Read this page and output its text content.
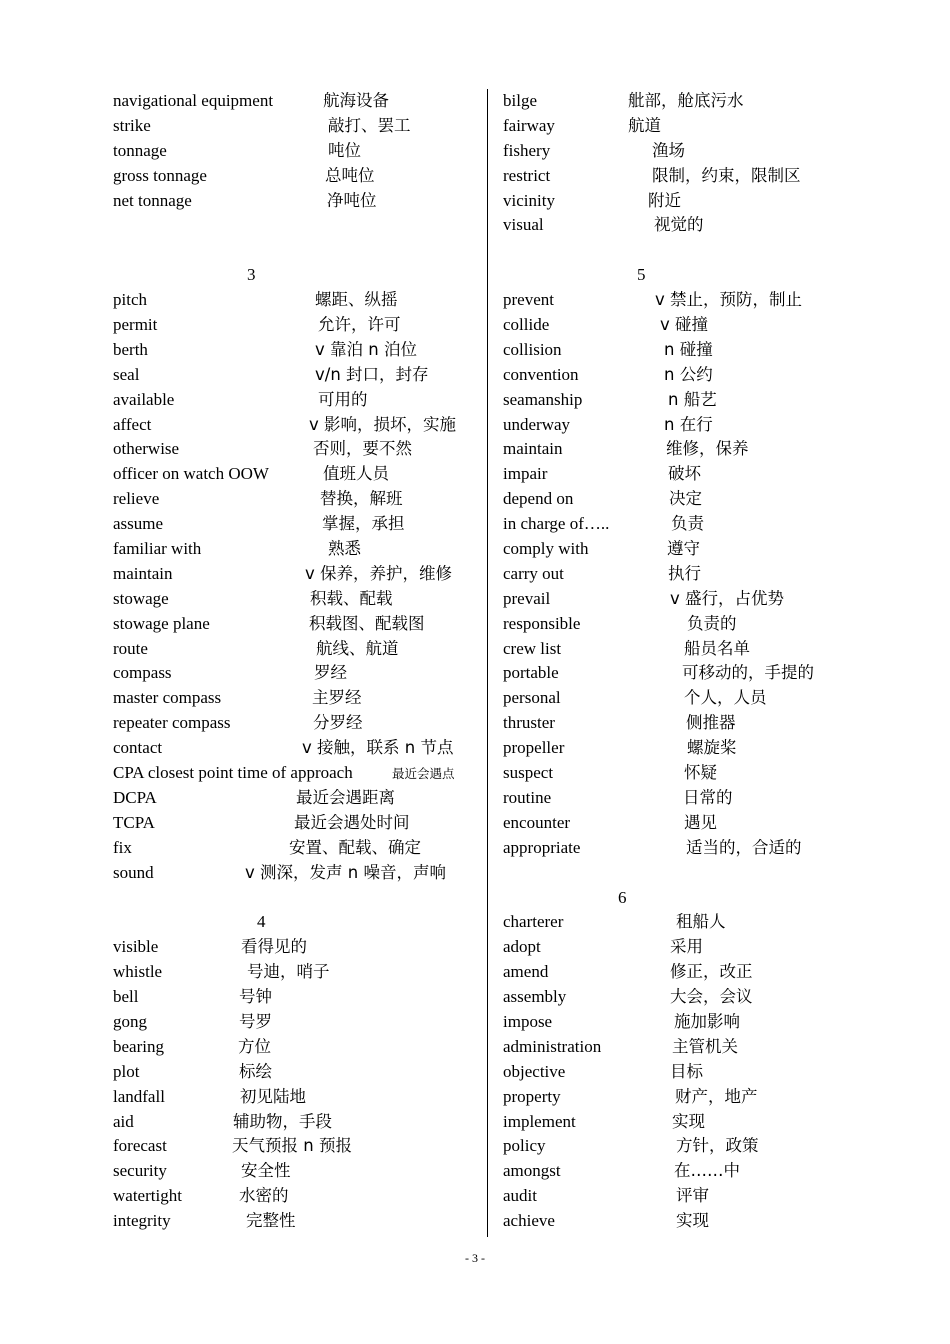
navigational equipment	航海设备
strike	敲打、罢工
tonnage	吨位
gross tonnage	总吨位
net tonnage	净吨位
3
pitch	螺距、纵摇
permit	允许，许可
berth	v 靠泊 n 泊位
seal	v/n 封口，封存
available	可用的
affect	v 影响，损坏，实施
otherwise	否则，要不然
officer on watch OOW	值班人员
relieve	替换，解班
assume	掌握，承担
familiar with	熟悉
maintain	v 保养，养护，维修
stowage	积载、配载
stowage plane	积载图、配载图
route	航线、航道
compass	罗经
master compass	主罗经
repeater compass	分罗经
contact	v 接触，联系 n 节点
CPA closest point time of approach	最近会遇点
DCPA	最近会遇距离
TCPA	最近会遇处时间
fix	安置、配载、确定
sound	v 测深，发声 n 噪音，声响
4
visible	看得见的
whistle	号迪，哨子
bell	号钟
gong	号罗
bearing	方位
plot	标绘
landfall	初见陆地
aid	辅助物，手段
forecast	天气预报 n 预报
security	安全性
watertight	水密的
integrity	完整性
bilge	舭部，舱底污水
fairway	航道
fishery	渔场
restrict	限制，约束，限制区
vicinity	附近
visual	视觉的
5
prevent	v 禁止，预防，制止
collide	v 碰撞
collision	n 碰撞
convention	n 公约
seamanship	n 船艺
underway	n 在行
maintain	维修，保养
impair	破坏
depend on	决定
in charge of…..	负责
comply with	遵守
carry out	执行
prevail	v 盛行，占优势
responsible	负责的
crew list	船员名单
portable	可移动的，手提的
personal	个人，人员
thruster	侧推器
propeller	螺旋桨
suspect	怀疑
routine	日常的
encounter	遇见
appropriate	适当的，合适的
6
charterer	租船人
adopt	采用
amend	修正，改正
assembly	大会，会议
impose	施加影响
administration	主管机关
objective	目标
property	财产，地产
implement	实现
policy	方针，政策
amongst	在……中
audit	评审
achieve	实现
- 3 -
